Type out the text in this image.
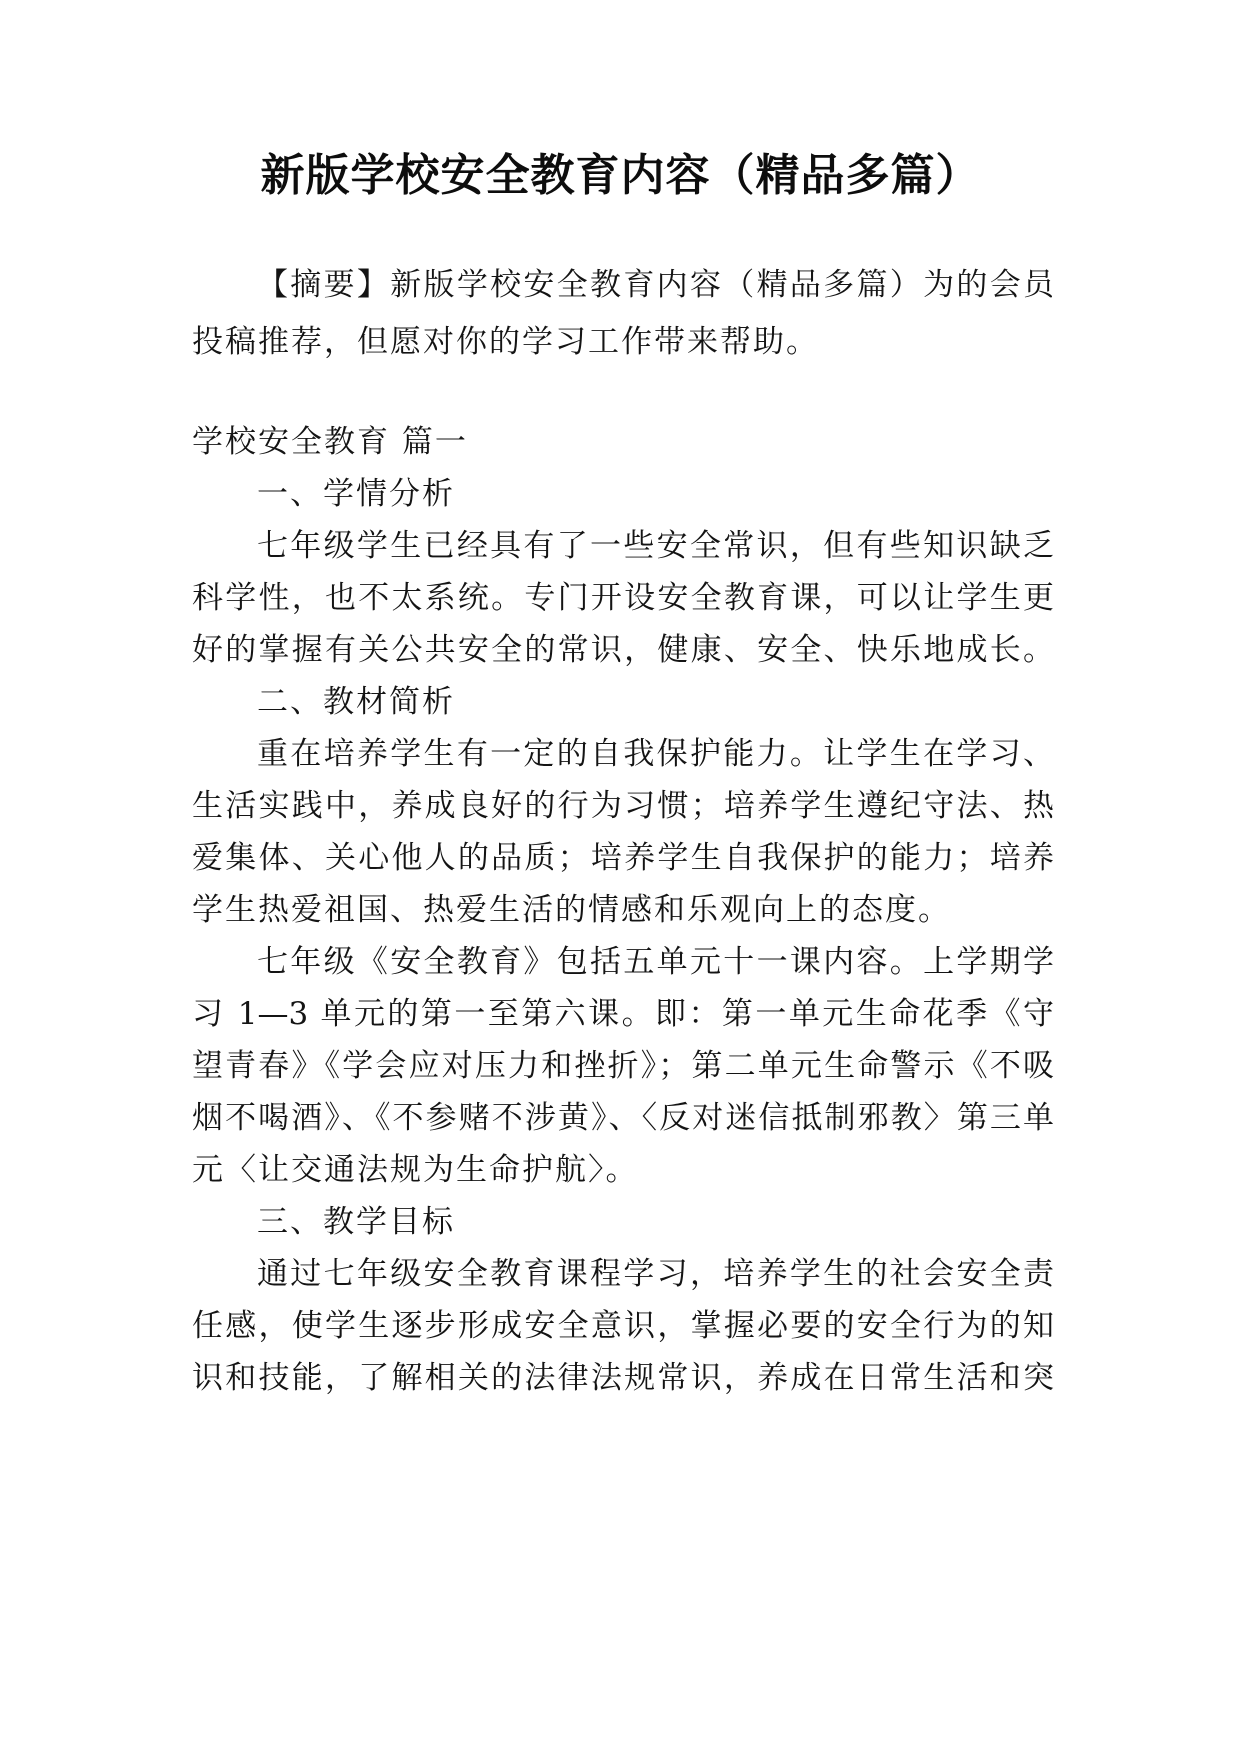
新版学校安全教育内容（精品多篇）
【摘要】新版学校安全教育内容（精品多篇）为的会员
投稿推荐，但愿对你的学习工作带来帮助。
学校安全教育 篇一
一、学情分析
七年级学生已经具有了一些安全常识，但有些知识缺乏
科学性，也不太系统。专门开设安全教育课，可以让学生更
好的掌握有关公共安全的常识，健康、安全、快乐地成长。
二、教材简析
重在培养学生有一定的自我保护能力。让学生在学习、
生活实践中，养成良好的行为习惯；培养学生遵纪守法、热
爱集体、关心他人的品质；培养学生自我保护的能力；培养
学生热爱祖国、热爱生活的情感和乐观向上的态度。
七年级《安全教育》包括五单元十一课内容。上学期学
习 1—3 单元的第一至第六课。即：第一单元生命花季《守
望青春》《学会应对压力和挫折》；第二单元生命警示《不吸
烟不喝酒》、《不参赌不涉黄》、〈反对迷信抵制邪教〉第三单
元〈让交通法规为生命护航〉。
三、教学目标
通过七年级安全教育课程学习，培养学生的社会安全责
任感，使学生逐步形成安全意识，掌握必要的安全行为的知
识和技能，了解相关的法律法规常识，养成在日常生活和突
